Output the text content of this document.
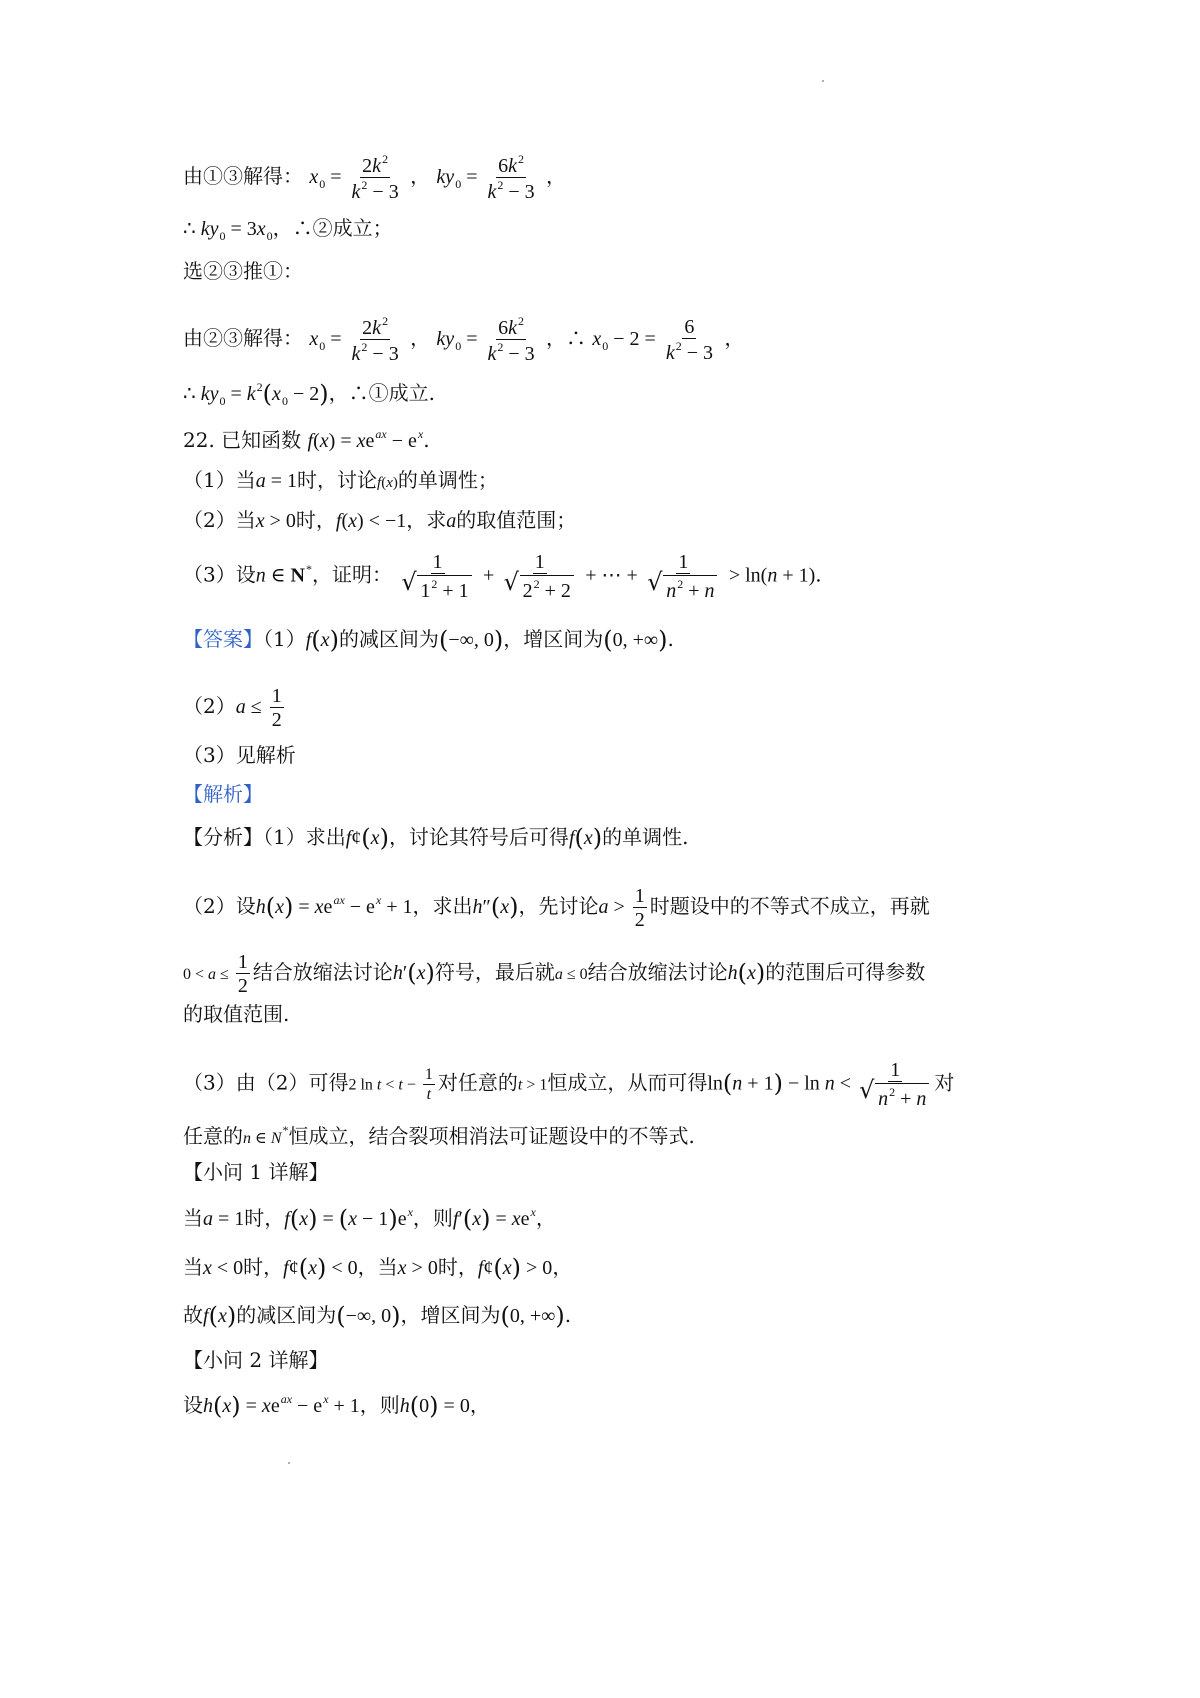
由①③解得： $x_0 = \frac{2k^2}{k^2 - 3}$ ， $ky_0 = \frac{6k^2}{k^2 - 3}$ ，
∴ $ky_0 = 3x_0$，∴②成立；
选②③推①：
由②③解得： $x_0 = \frac{2k^2}{k^2 - 3}$ ， $ky_0 = \frac{6k^2}{k^2 - 3}$ ，∴ $x_0 - 2 = \frac{6}{k^2 - 3}$ ，
∴ $ky_0 = k^2(x_0 - 2)$，∴①成立.
22. 已知函数 $f(x) = xe^{ax} - e^x$.
（1）当a = 1时，讨论f(x)的单调性；
（2）当x > 0时，f(x) < −1，求a的取值范围；
（3）设n ∈ N*，证明： 1
√ $1^2 + 1 + 1$
√ $2^2 + 2$ + ⋯ + 1
√ $n^2 + n > \ln(n + 1)$.
【答案】（1）f(x)的减区间为(−∞, 0)，增区间为(0, +∞).
$(2)a \le \frac{1}{2}$
（3）见解析
【解析】
【分析】（1）求出f¢(x)，讨论其符号后可得f(x)的单调性.
（2）设$h(x) = xe^{ax} - e^x + 1$，求出h″(x)，先讨论$a > \frac{1}{2}$ 时题设中的不等式不成立，再就
$0 < a \le \frac{1}{2}$ 结合放缩法讨论h′(x)符号，最后就a ≤ 0结合放缩法讨论h(x)的范围后可得参数
的取值范围.
（3）由（2）可得2 $\ln t < t - \frac{1}{t}$ 对任意的t > 1恒成立，从而可得ln(n + 1) − ln n < 1
√ $n^2 + n$ 对
任意的n ∈ N*恒成立，结合裂项相消法可证题设中的不等式.
【小问 1 详解】
当a = 1时，$f(x) = (x - 1)e^x$，则$f'(x) = xe^x$，
当x < 0时，f¢(x) < 0，当x > 0时，f¢(x) > 0，
故f(x)的减区间为(−∞, 0)，增区间为(0, +∞).
【小问 2 详解】
设$h(x) = xe^{ax} - e^x + 1$，则h(0) = 0，
